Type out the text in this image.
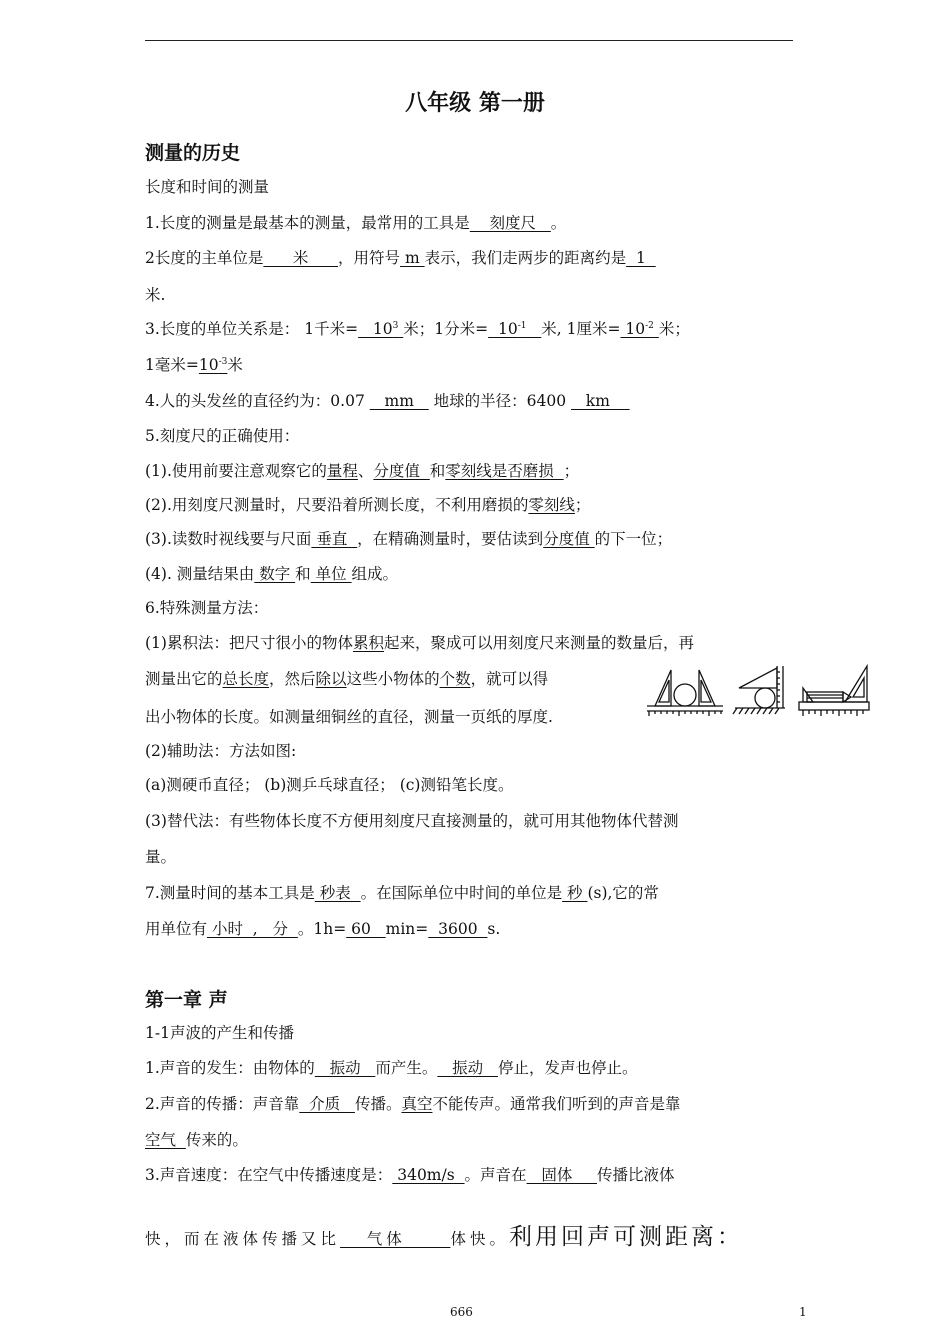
八年级 第一册
测量的历史
长度和时间的测量
1.长度的测量是最基本的测量，最常用的工具是    刻度尺   。
2长度的主单位是      米      ，用符号 m 表示，我们走两步的距离约是  1
米.
3.长度的单位关系是： 1千米=   $10^3$ 米；1分米=  $10^{-1}$ 米, 1厘米= $10^{-2}$ 米；
1毫米$=10^{-3}$米
4.人的头发丝的直径约为：0.07    mm    地球的半径：6400    km
5.刻度尺的正确使用：
(1).使用前要注意观察它的量程、分度值  和零刻线是否磨损  ；
(2).用刻度尺测量时，尺要沿着所测长度，不利用磨损的零刻线；
(3).读数时视线要与尺面 垂直  ，在精确测量时，要估读到分度值 的下一位；
(4). 测量结果由 数字 和 单位 组成。
6.特殊测量方法：
(1)累积法：把尺寸很小的物体累积起来，聚成可以用刻度尺来测量的数量后，再
测量出它的总长度，然后除以这些小物体的个数，就可以得
出小物体的长度。如测量细铜丝的直径，测量一页纸的厚度.
(2)辅助法：方法如图:
(a)测硬币直径； (b)测乒乓球直径； (c)测铅笔长度。
(3)替代法：有些物体长度不方便用刻度尺直接测量的，就可用其他物体代替测
量。
7.测量时间的基本工具是 秒表  。在国际单位中时间的单位是 秒 (s),它的常
用单位有 小时  ,   分  。1h= 60   min=  3600  s.
第一章 声
1-1声波的产生和传播
1.声音的发生：由物体的   振动   而产生。   振动   停止，发声也停止。
2.声音的传播：声音靠  介质   传播。真空不能传声。通常我们听到的声音是靠
空气  传来的。
3.声音速度：在空气中传播速度是： 340m/s  。声音在   固体     传播比液体
快，而在液体传播又比   气体     体快。利用回声可测距离：
666	1
